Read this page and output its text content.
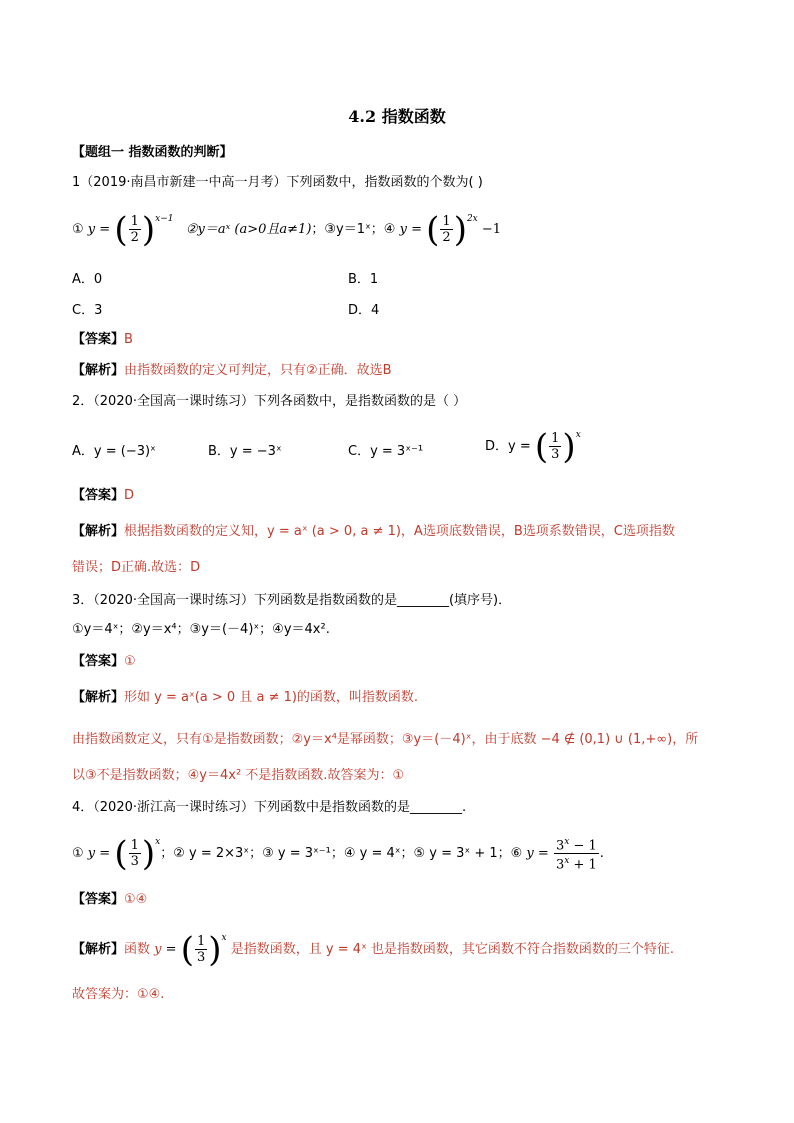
4.2 指数函数
【题组一 指数函数的判断】
1（2019·南昌市新建一中高一月考）下列函数中，指数函数的个数为( )
① y = ( $\frac{1}{2} )^{x-1}$
②y＝aˣ (a>0且a≠1)；③y＝1ˣ；④ y = ( $\frac{1}{2} )^{2x}$
−1
A．0	B．1
C．3	D．4
【答案】B
【解析】由指数函数的定义可判定，只有②正确．故选B
2．（2020·全国高一课时练习）下列各函数中，是指数函数的是（ ）
A．y = (−3)ˣ	B．y = −3ˣ	C．y = 3ˣ⁻¹	D．y = ( $\frac{1}{3} )^x$
【答案】D
【解析】根据指数函数的定义知，y = aˣ (a > 0, a ≠ 1)，A选项底数错误，B选项系数错误，C选项指数
错误；D正确.故选：D
3．（2020·全国高一课时练习）下列函数是指数函数的是________(填序号)．
①y＝4ˣ；②y＝x⁴；③y＝(－4)ˣ；④y＝4x².
【答案】①
【解析】形如 y = aˣ(a > 0 且 a ≠ 1)的函数，叫指数函数.
由指数函数定义，只有①是指数函数；②y＝x⁴是幂函数；③y＝(－4)ˣ，由于底数 −4 ∉ (0,1) ∪ (1,+∞)，所
以③不是指数函数；④y＝4x² 不是指数函数.故答案为：①
4．（2020·浙江高一课时练习）下列函数中是指数函数的是________.
① y = ( $\frac{1}{3} )^x$
；② y = 2×3ˣ；③ y = 3ˣ⁻¹；④ y = 4ˣ；⑤ y = 3ˣ + 1；⑥ $y = \frac{3^x - 1}{3^x + 1}$ .
【答案】①④
【解析】函数 y = ( $\frac{1}{3} )^x$
是指数函数，且 y = 4ˣ 也是指数函数，其它函数不符合指数函数的三个特征.
故答案为：①④.
